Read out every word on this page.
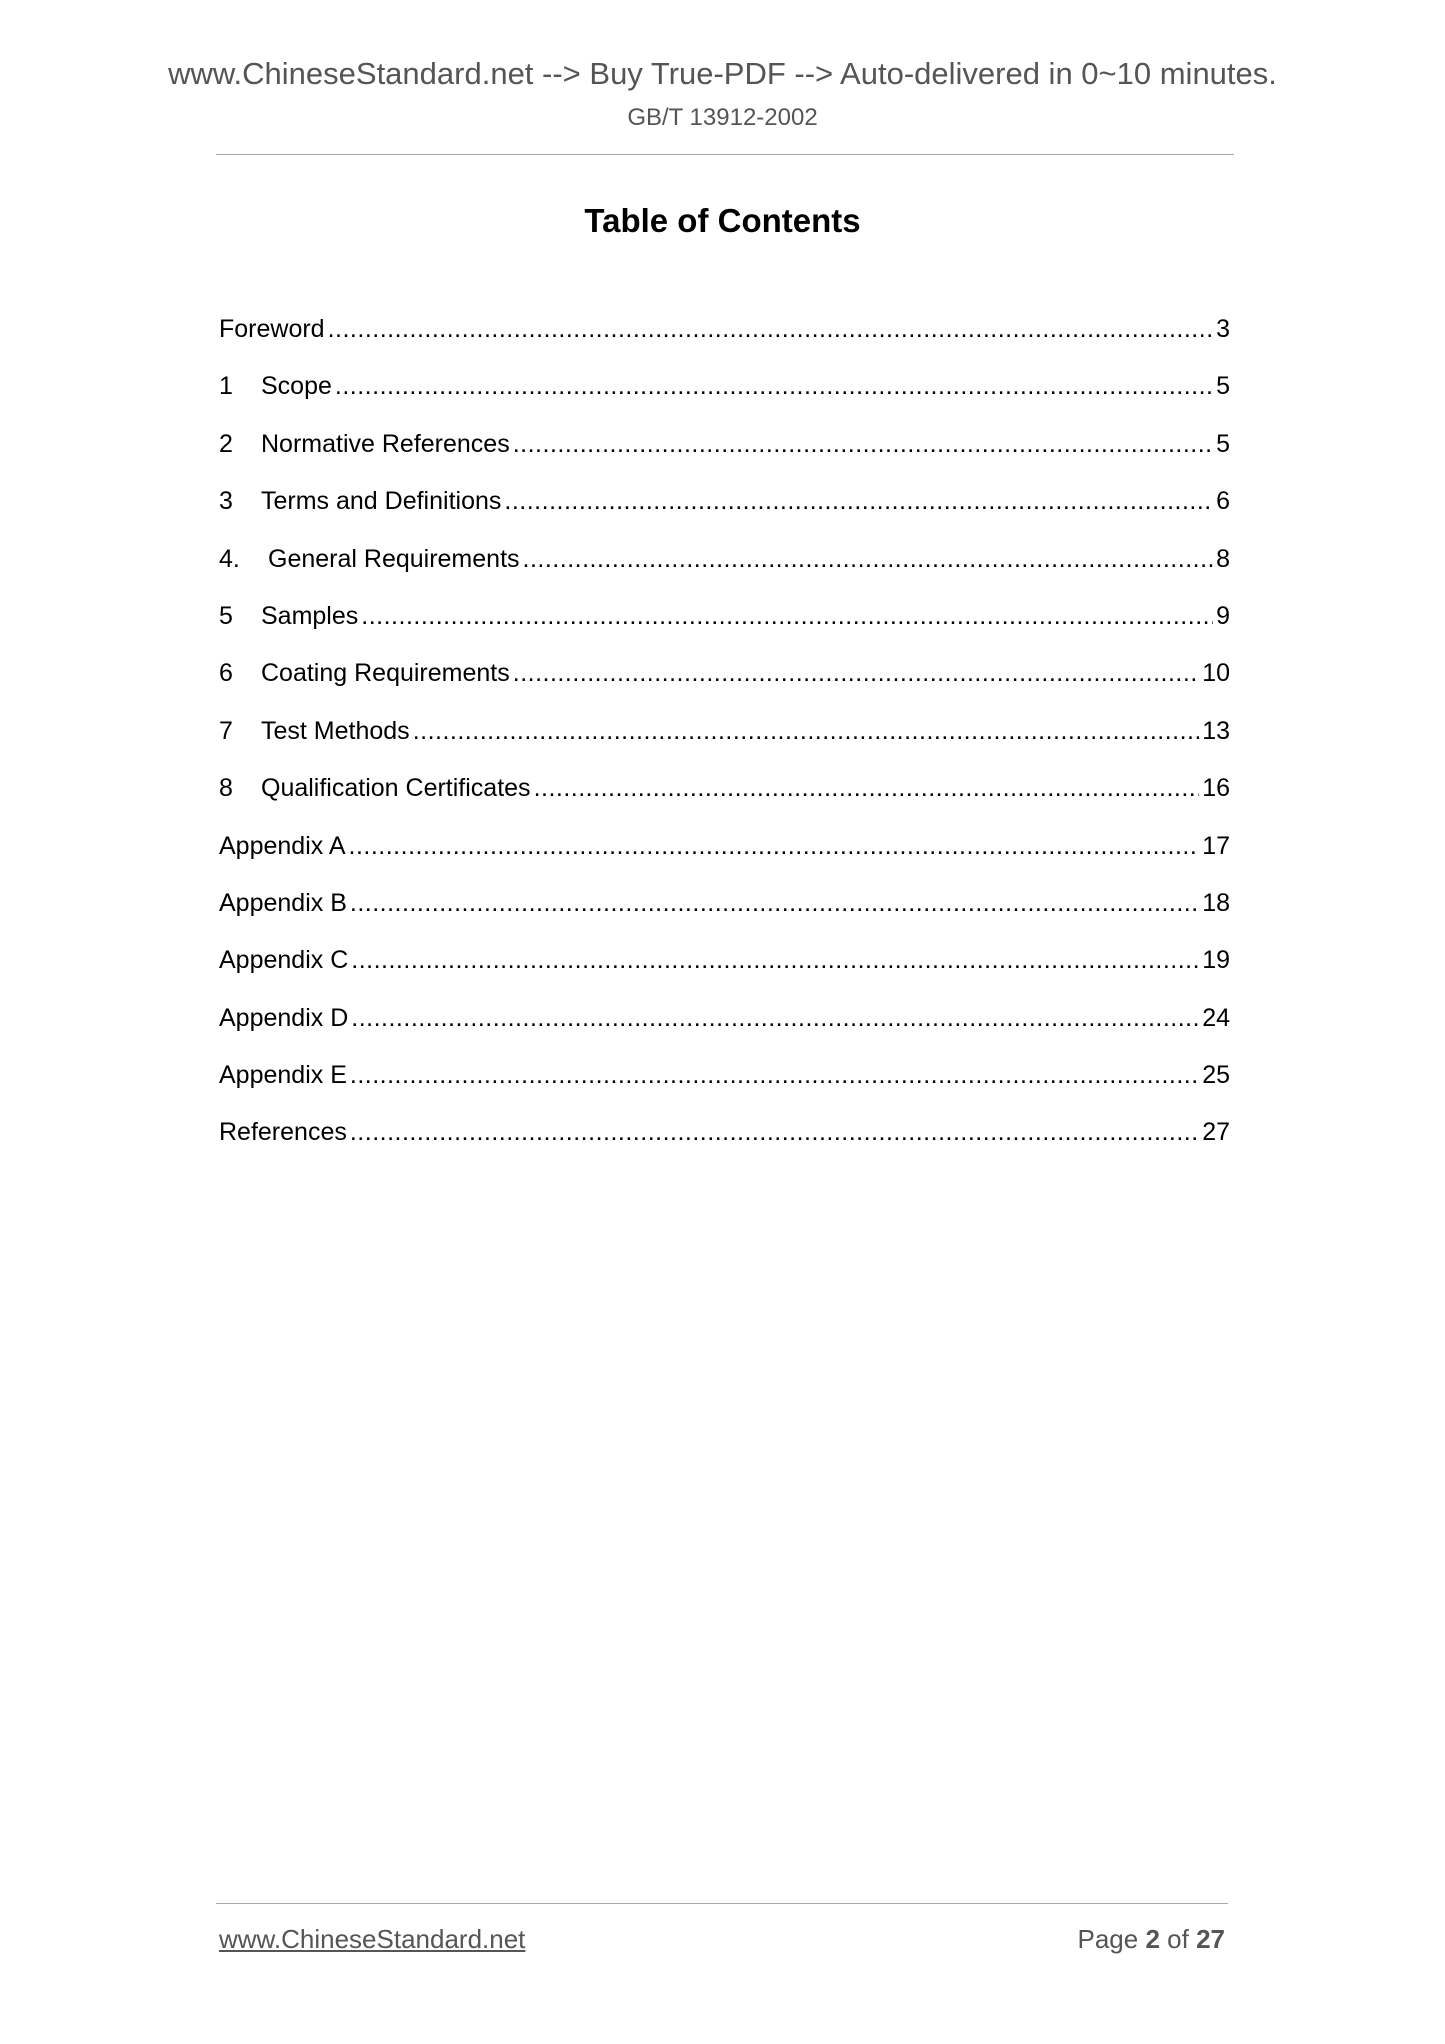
www.ChineseStandard.net --> Buy True-PDF --> Auto-delivered in 0~10 minutes.
GB/T 13912-2002
Table of Contents
Foreword .....	3
1	Scope .....	5
2	Normative References .....	5
3	Terms and Definitions .....	6
4.	General Requirements .....	8
5	Samples .....	9
6	Coating Requirements .....	10
7	Test Methods .....	13
8	Qualification Certificates .....	16
Appendix A .....	17
Appendix B .....	18
Appendix C .....	19
Appendix D .....	24
Appendix E .....	25
References .....	27
www.ChineseStandard.net	Page 2 of 27
